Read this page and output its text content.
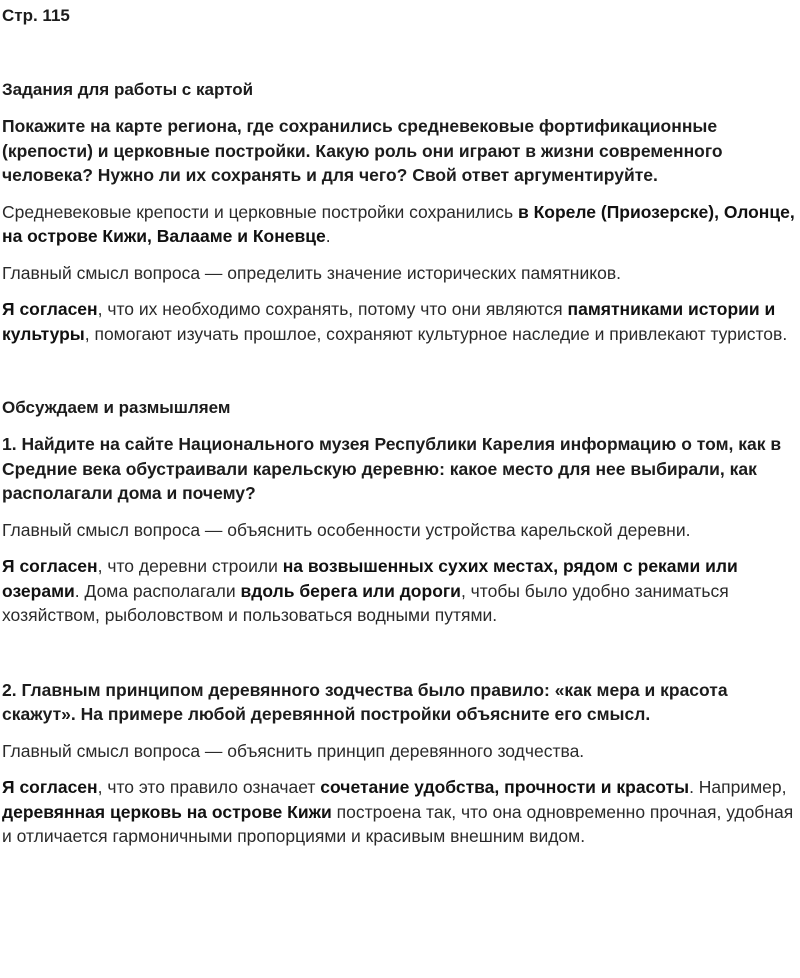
Стр. 115

Задания для работы с картой

Покажите на карте региона, где сохранились средневековые фортификационные (крепости) и церковные постройки. Какую роль они играют в жизни современного человека? Нужно ли их сохранять и для чего? Свой ответ аргументируйте.

Средневековые крепости и церковные постройки сохранились в Кореле (Приозерске), Олонце, на острове Кижи, Валааме и Коневце.

Главный смысл вопроса — определить значение исторических памятников.

Я согласен, что их необходимо сохранять, потому что они являются памятниками истории и культуры, помогают изучать прошлое, сохраняют культурное наследие и привлекают туристов.

Обсуждаем и размышляем

1. Найдите на сайте Национального музея Республики Карелия информацию о том, как в Средние века обустраивали карельскую деревню: какое место для нее выбирали, как располагали дома и почему?

Главный смысл вопроса — объяснить особенности устройства карельской деревни.

Я согласен, что деревни строили на возвышенных сухих местах, рядом с реками или озерами. Дома располагали вдоль берега или дороги, чтобы было удобно заниматься хозяйством, рыболовством и пользоваться водными путями.

2. Главным принципом деревянного зодчества было правило: «как мера и красота скажут». На примере любой деревянной постройки объясните его смысл.

Главный смысл вопроса — объяснить принцип деревянного зодчества.

Я согласен, что это правило означает сочетание удобства, прочности и красоты. Например, деревянная церковь на острове Кижи построена так, что она одновременно прочная, удобная и отличается гармоничными пропорциями и красивым внешним видом.
